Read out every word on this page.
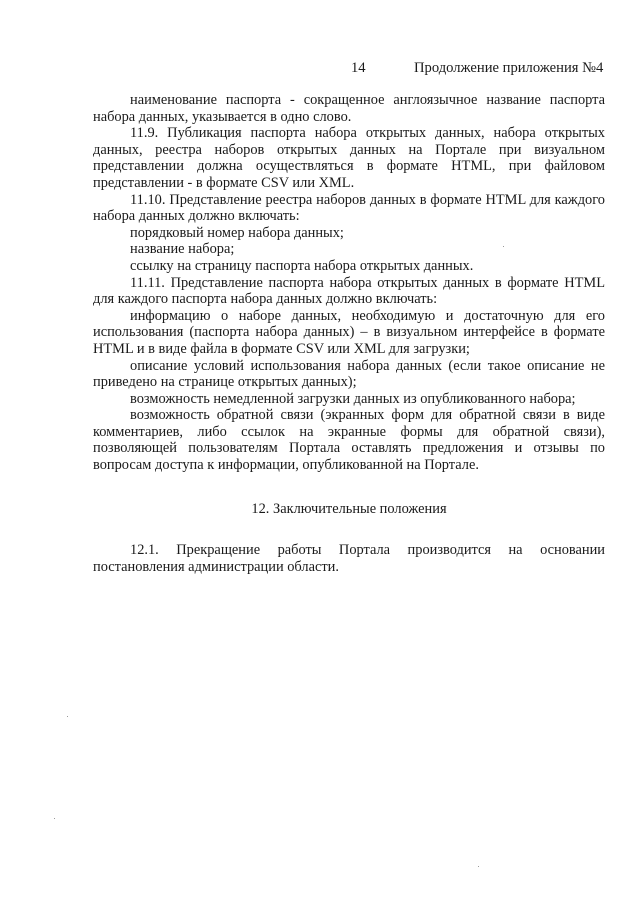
14	Продолжение приложения №4

наименование паспорта - сокращенное англоязычное название паспорта набора данных, указывается в одно слово.

11.9. Публикация паспорта набора открытых данных, набора открытых данных, реестра наборов открытых данных на Портале при визуальном представлении должна осуществляться в формате HTML, при файловом представлении - в формате CSV или XML.

11.10. Представление реестра наборов данных в формате HTML для каждого набора данных должно включать:

порядковый номер набора данных;

название набора;

ссылку на страницу паспорта набора открытых данных.

11.11. Представление паспорта набора открытых данных в формате HTML для каждого паспорта набора данных должно включать:

информацию о наборе данных, необходимую и достаточную для его использования (паспорта набора данных) – в визуальном интерфейсе в формате HTML и в виде файла в формате CSV или XML для загрузки;

описание условий использования набора данных (если такое описание не приведено на странице открытых данных);

возможность немедленной загрузки данных из опубликованного набора;

возможность обратной связи (экранных форм для обратной связи в виде комментариев, либо ссылок на экранные формы для обратной связи), позволяющей пользователям Портала оставлять предложения и отзывы по вопросам доступа к информации, опубликованной на Портале.

12. Заключительные положения

12.1. Прекращение работы Портала производится на основании постановления администрации области.
